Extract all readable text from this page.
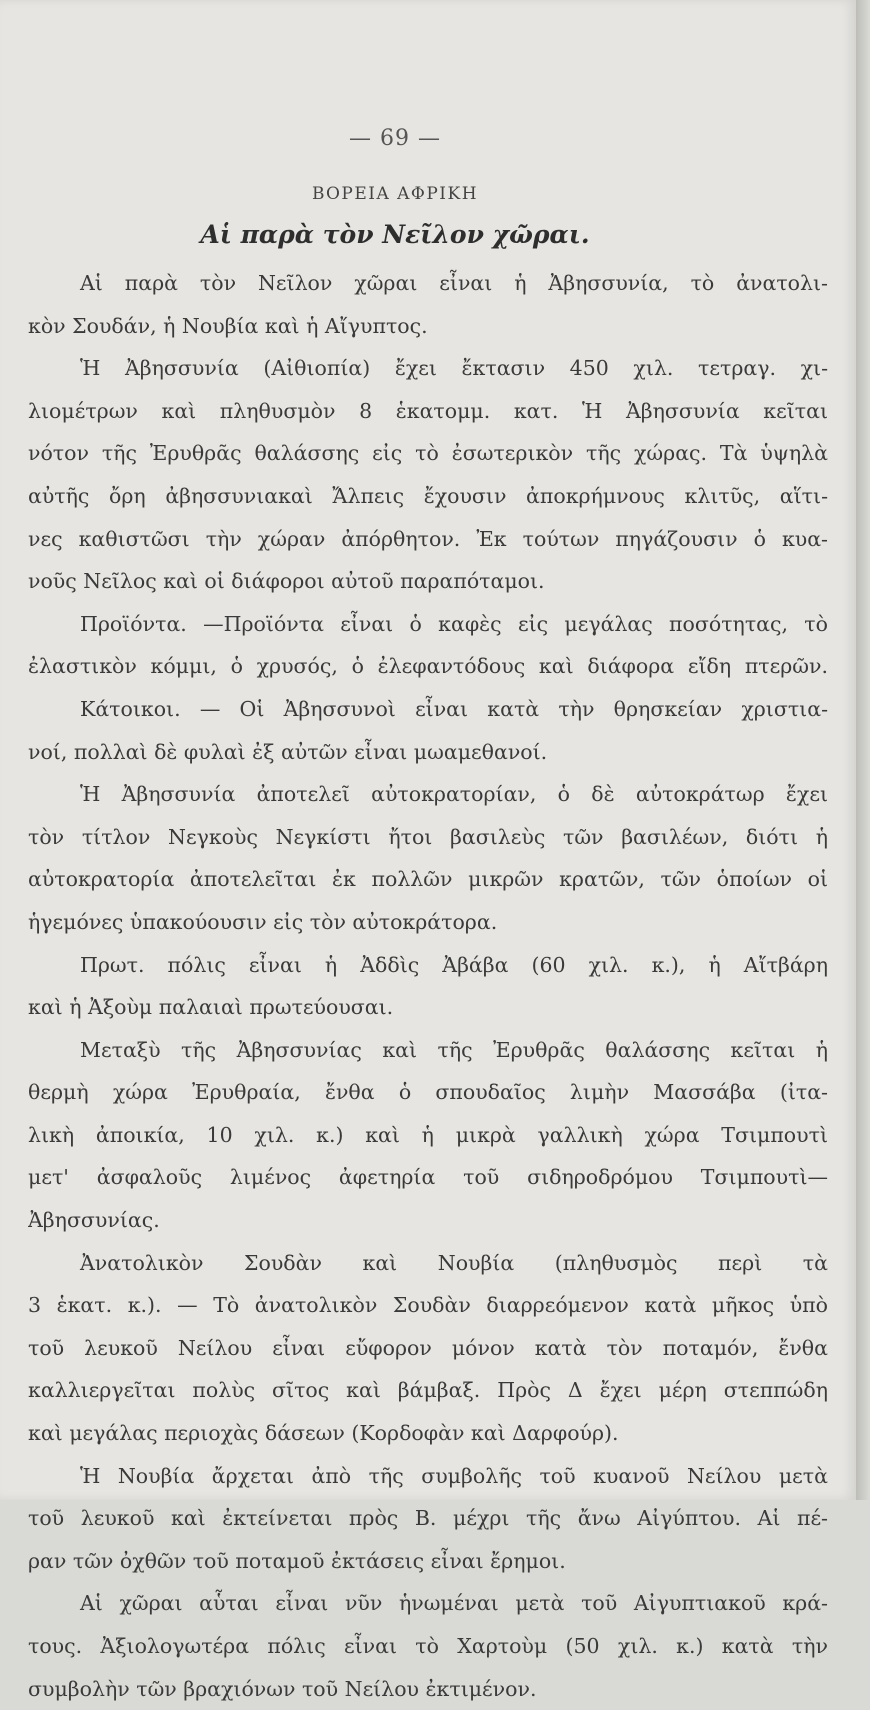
— 69 —
ΒΟΡΕΙΑ ΑΦΡΙΚΗ
Αἱ παρὰ τὸν Νεῖλον χῶραι.
Αἱ παρὰ τὸν Νεῖλον χῶραι εἶναι ἡ Ἀβησσυνία, τὸ ἀνατολι-
κὸν Σουδάν, ἡ Νουβία καὶ ἡ Αἴγυπτος.
Ἡ Ἀβησσυνία (Αἰθιοπία) ἔχει ἔκτασιν 450 χιλ. τετραγ. χι-
λιομέτρων καὶ πληθυσμὸν 8 ἑκατομμ. κατ. Ἡ Ἀβησσυνία κεῖται
νότον τῆς Ἐρυθρᾶς θαλάσσης εἰς τὸ ἐσωτερικὸν τῆς χώρας. Τὰ ὑψηλὰ
αὐτῆς ὄρη ἀβησσυνιακαὶ Ἄλπεις ἔχουσιν ἀποκρήμνους κλιτῦς, αἵτι-
νες καθιστῶσι τὴν χώραν ἀπόρθητον. Ἐκ τούτων πηγάζουσιν ὁ κυα-
νοῦς Νεῖλος καὶ οἱ διάφοροι αὐτοῦ παραπόταμοι.
Προϊόντα. —Προϊόντα εἶναι ὁ καφὲς εἰς μεγάλας ποσότητας, τὸ
ἐλαστικὸν κόμμι, ὁ χρυσός, ὁ ἐλεφαντόδους καὶ διάφορα εἴδη πτερῶν.
Κάτοικοι. — Οἱ Ἀβησσυνοὶ εἶναι κατὰ τὴν θρησκείαν χριστια-
νοί, πολλαὶ δὲ φυλαὶ ἐξ αὐτῶν εἶναι μωαμεθανοί.
Ἡ Ἀβησσυνία ἀποτελεῖ αὐτοκρατορίαν, ὁ δὲ αὐτοκράτωρ ἔχει
τὸν τίτλον Νεγκοὺς Νεγκίστι ἤτοι βασιλεὺς τῶν βασιλέων, διότι ἡ
αὐτοκρατορία ἀποτελεῖται ἐκ πολλῶν μικρῶν κρατῶν, τῶν ὁποίων οἱ
ἡγεμόνες ὑπακούουσιν εἰς τὸν αὐτοκράτορα.
Πρωτ. πόλις εἶναι ἡ Ἀδδὶς Ἀβάβα (60 χιλ. κ.), ἡ Αἴτβάρη
καὶ ἡ Ἀξοὺμ παλαιαὶ πρωτεύουσαι.
Μεταξὺ τῆς Ἀβησσυνίας καὶ τῆς Ἐρυθρᾶς θαλάσσης κεῖται ἡ
θερμὴ χώρα Ἐρυθραία, ἔνθα ὁ σπουδαῖος λιμὴν Μασσάβα (ἰτα-
λικὴ ἀποικία, 10 χιλ. κ.) καὶ ἡ μικρὰ γαλλικὴ χώρα Τσιμπουτὶ
μετ' ἀσφαλοῦς λιμένος ἀφετηρία τοῦ σιδηροδρόμου Τσιμπουτὶ—
Ἀβησσυνίας.
Ἀνατολικὸν Σουδὰν καὶ Νουβία (πληθυσμὸς περὶ τὰ
3 ἑκατ. κ.). — Τὸ ἀνατολικὸν Σουδὰν διαρρεόμενον κατὰ μῆκος ὑπὸ
τοῦ λευκοῦ Νείλου εἶναι εὔφορον μόνον κατὰ τὸν ποταμόν, ἔνθα
καλλιεργεῖται πολὺς σῖτος καὶ βάμβαξ. Πρὸς Δ ἔχει μέρη στεππώδη
καὶ μεγάλας περιοχὰς δάσεων (Κορδοφὰν καὶ Δαρφούρ).
Ἡ Νουβία ἄρχεται ἀπὸ τῆς συμβολῆς τοῦ κυανοῦ Νείλου μετὰ
τοῦ λευκοῦ καὶ ἐκτείνεται πρὸς Β. μέχρι τῆς ἄνω Αἰγύπτου. Αἱ πέ-
ραν τῶν ὀχθῶν τοῦ ποταμοῦ ἐκτάσεις εἶναι ἔρημοι.
Αἱ χῶραι αὗται εἶναι νῦν ἡνωμέναι μετὰ τοῦ Αἰγυπτιακοῦ κρά-
τους. Ἀξιολογωτέρα πόλις εἶναι τὸ Χαρτοὺμ (50 χιλ. κ.) κατὰ τὴν
συμβολὴν τῶν βραχιόνων τοῦ Νείλου ἐκτιμένον.
